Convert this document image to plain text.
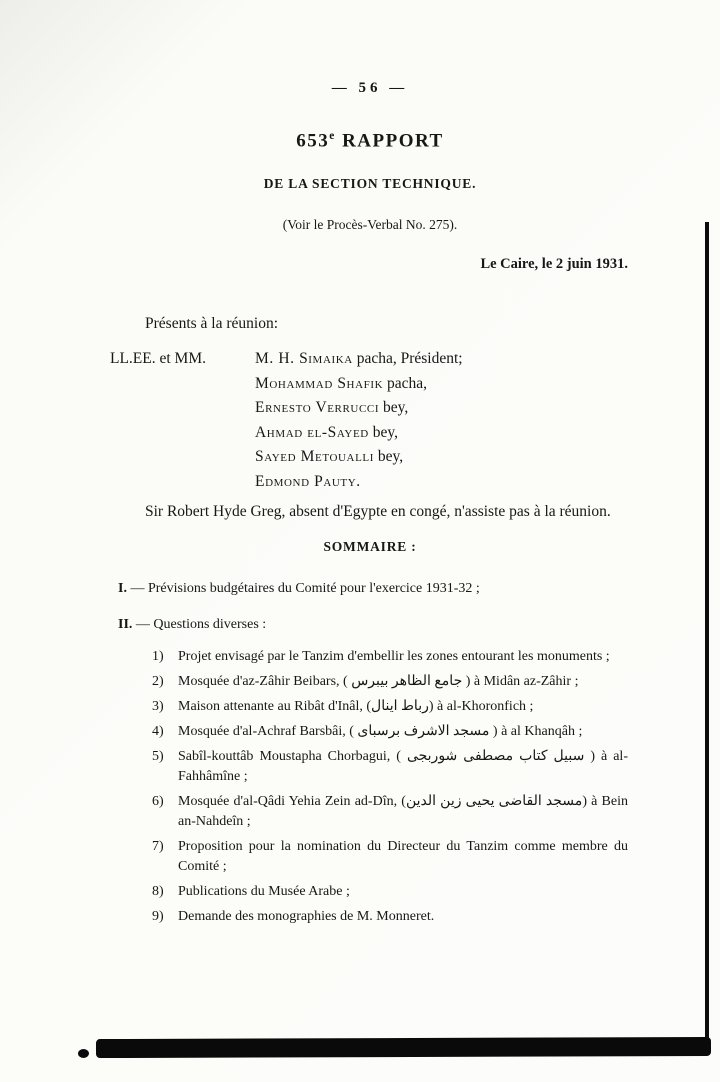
— 56 —
653e RAPPORT
DE LA SECTION TECHNIQUE.
(Voir le Procès-Verbal No. 275).
Le Caire, le 2 juin 1931.
Présents à la réunion:
LL.EE. et MM.	M. H. Simaika pacha, Président;
Mohammad Shafik pacha,
Ernesto Verrucci bey,
Ahmad el-Sayed bey,
Sayed Metoualli bey,
Edmond Pauty.
Sir Robert Hyde Greg, absent d'Egypte en congé, n'assiste pas à la réunion.
SOMMAIRE :
I. — Prévisions budgétaires du Comité pour l'exercice 1931-32 ;
II. — Questions diverses :
1)	Projet envisagé par le Tanzim d'embellir les zones entourant les monuments ;
2)	Mosquée d'az-Zâhir Beibars, ( جامع الظاهر بيبرس ) à Midân az-Zâhir ;
3)	Maison attenante au Ribât d'Inâl, (رباط اينال) à al-Khoronfich ;
4)	Mosquée d'al-Achraf Barsbâi, ( مسجد الاشرف برسباى ) à al Khanqâh ;
5)	Sabîl-kouttâb Moustapha Chorbagui, ( سبيل كتاب مصطفى شوربجى ) à al-Fahhâmîne ;
6)	Mosquée d'al-Qâdi Yehia Zein ad-Dîn, (مسجد القاضى يحيى زين الدين) à Bein an-Nahdeîn ;
7)	Proposition pour la nomination du Directeur du Tanzim comme membre du Comité ;
8)	Publications du Musée Arabe ;
9)	Demande des monographies de M. Monneret.
